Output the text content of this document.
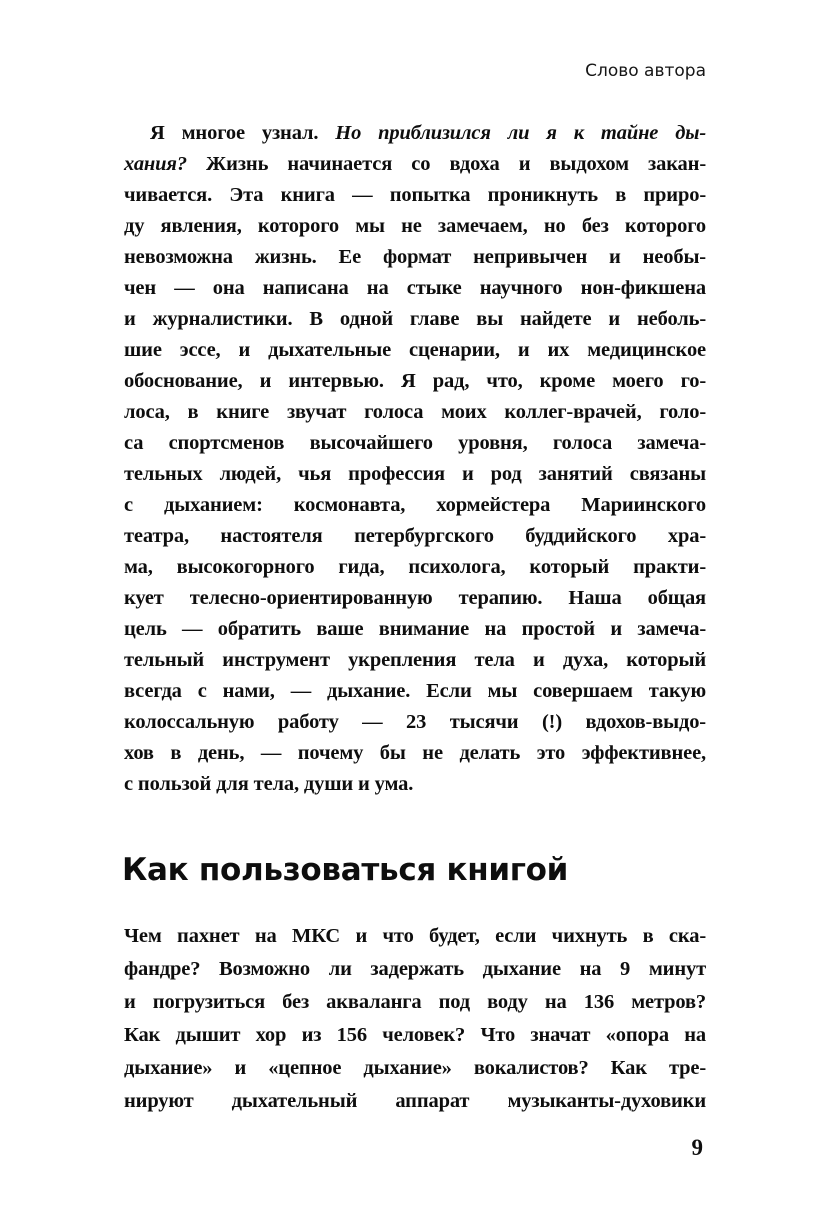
Слово автора
Я многое узнал. Но приблизился ли я к тайне ды-
хания? Жизнь начинается со вдоха и выдохом закан-
чивается. Эта книга — попытка проникнуть в приро-
ду явления, которого мы не замечаем, но без которого
невозможна жизнь. Ее формат непривычен и необы-
чен — она написана на стыке научного нон-фикшена
и журналистики. В одной главе вы найдете и неболь-
шие эссе, и дыхательные сценарии, и их медицинское
обоснование, и интервью. Я рад, что, кроме моего го-
лоса, в книге звучат голоса моих коллег-врачей, голо-
са спортсменов высочайшего уровня, голоса замеча-
тельных людей, чья профессия и род занятий связаны
с дыханием: космонавта, хормейстера Мариинского
театра, настоятеля петербургского буддийского хра-
ма, высокогорного гида, психолога, который практи-
кует телесно-ориентированную терапию. Наша общая
цель — обратить ваше внимание на простой и замеча-
тельный инструмент укрепления тела и духа, который
всегда с нами, — дыхание. Если мы совершаем такую
колоссальную работу — 23 тысячи (!) вдохов-выдо-
хов в день, — почему бы не делать это эффективнее,
с пользой для тела, души и ума.
Как пользоваться книгой
Чем пахнет на МКС и что будет, если чихнуть в ска-
фандре? Возможно ли задержать дыхание на 9 минут
и погрузиться без акваланга под воду на 136 метров?
Как дышит хор из 156 человек? Что значат «опора на
дыхание» и «цепное дыхание» вокалистов? Как тре-
нируют дыхательный аппарат музыканты-духовики
9
